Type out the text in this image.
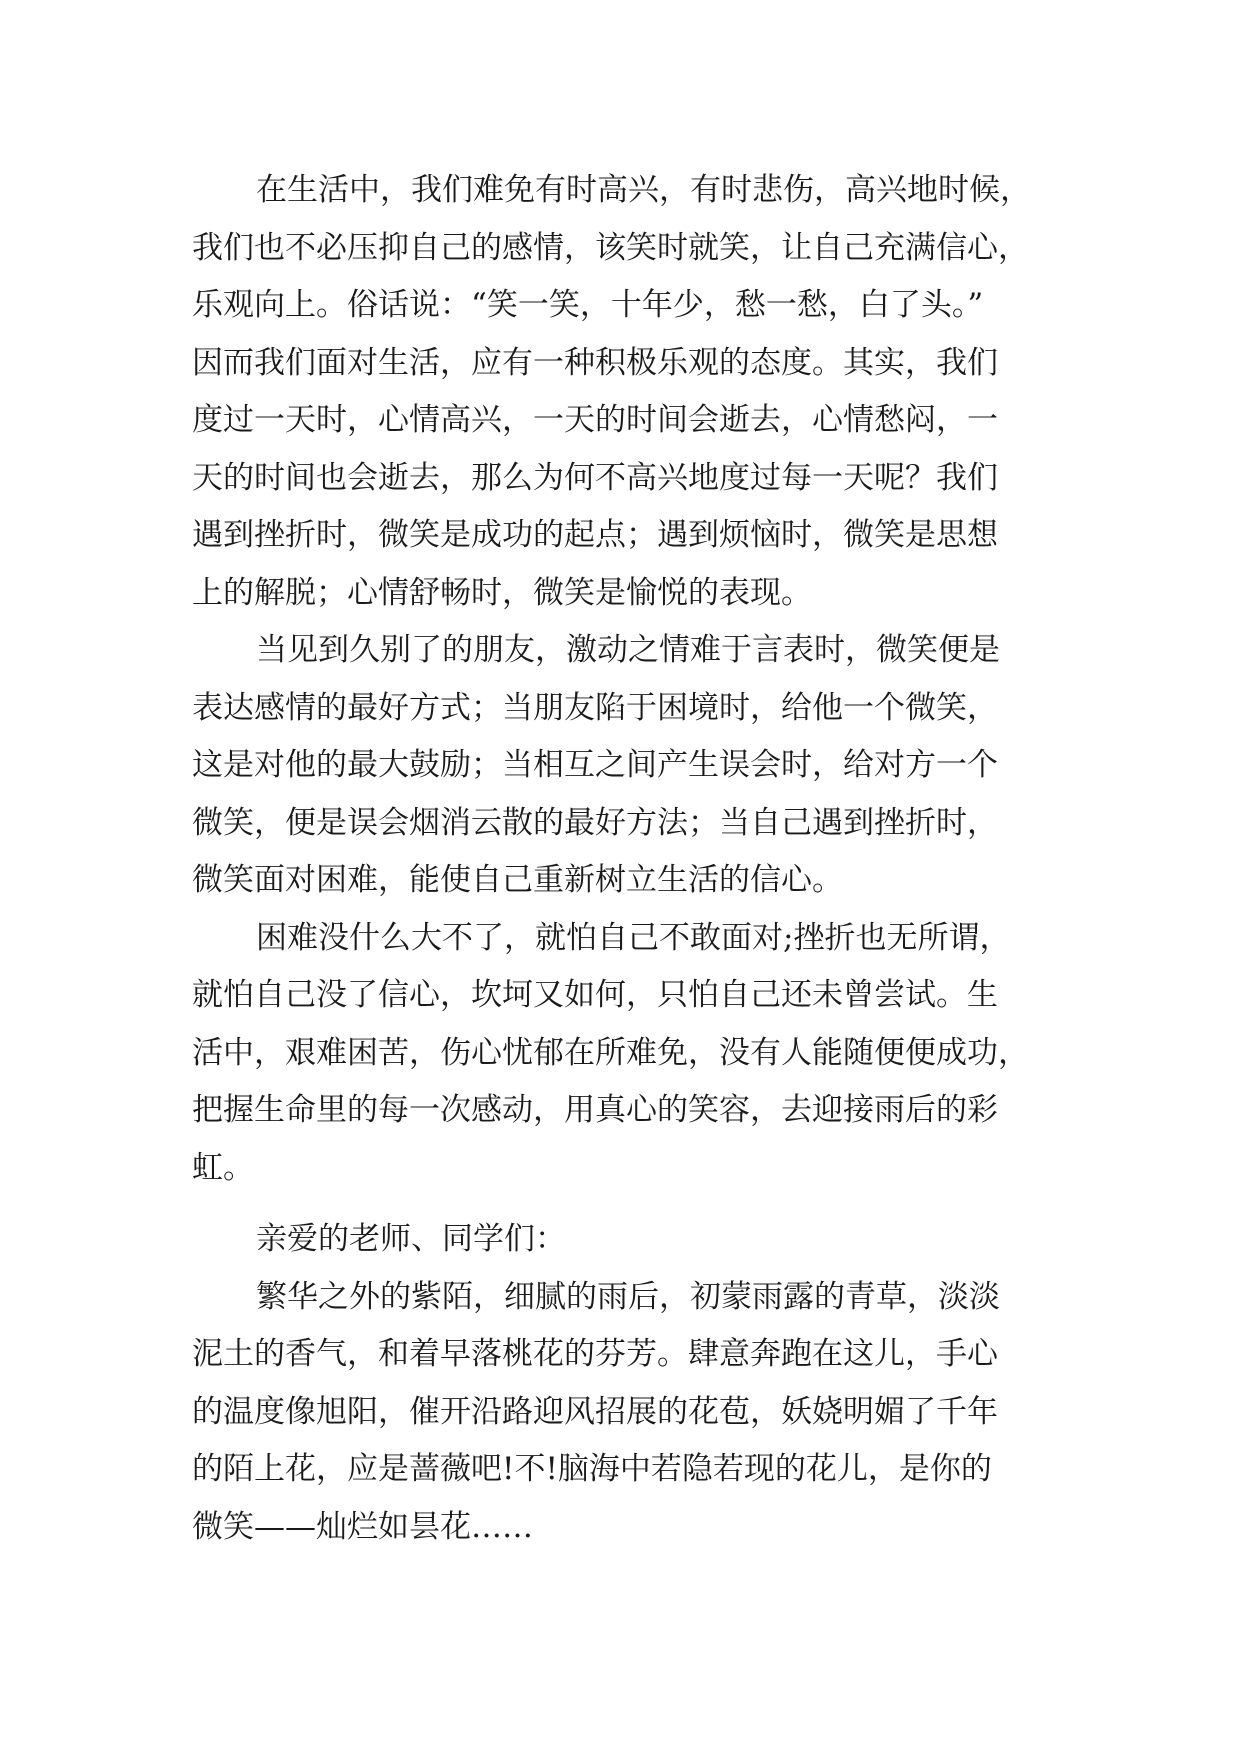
在生活中，我们难免有时高兴，有时悲伤，高兴地时候，
我们也不必压抑自己的感情，该笑时就笑，让自己充满信心，
乐观向上。俗话说：“笑一笑，十年少，愁一愁，白了头。”
因而我们面对生活，应有一种积极乐观的态度。其实，我们
度过一天时，心情高兴，一天的时间会逝去，心情愁闷，一
天的时间也会逝去，那么为何不高兴地度过每一天呢？我们
遇到挫折时，微笑是成功的起点；遇到烦恼时，微笑是思想
上的解脱；心情舒畅时，微笑是愉悦的表现。
当见到久别了的朋友，激动之情难于言表时，微笑便是
表达感情的最好方式；当朋友陷于困境时，给他一个微笑，
这是对他的最大鼓励；当相互之间产生误会时，给对方一个
微笑，便是误会烟消云散的最好方法；当自己遇到挫折时，
微笑面对困难，能使自己重新树立生活的信心。
困难没什么大不了，就怕自己不敢面对;挫折也无所谓，
就怕自己没了信心，坎坷又如何，只怕自己还未曾尝试。生
活中，艰难困苦，伤心忧郁在所难免，没有人能随便便成功，
把握生命里的每一次感动，用真心的笑容，去迎接雨后的彩
虹。
亲爱的老师、同学们：
繁华之外的紫陌，细腻的雨后，初蒙雨露的青草，淡淡
泥土的香气，和着早落桃花的芬芳。肆意奔跑在这儿，手心
的温度像旭阳，催开沿路迎风招展的花苞，妖娆明媚了千年
的陌上花，应是蔷薇吧!不!脑海中若隐若现的花儿，是你的
微笑——灿烂如昙花……
